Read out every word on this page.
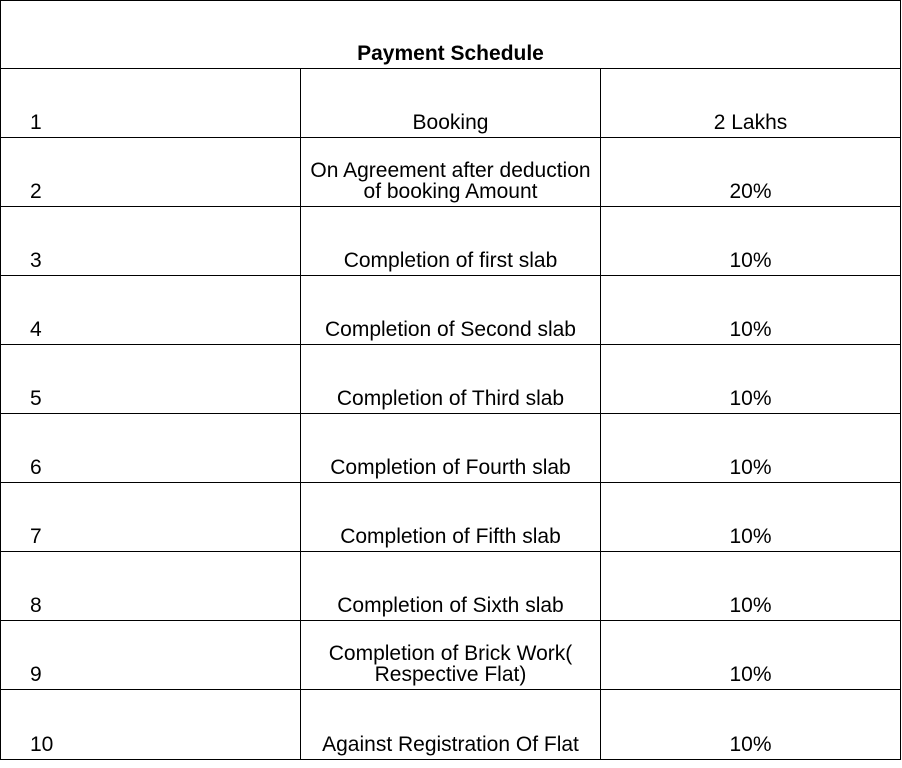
Payment Schedule		
1	Booking	2 Lakhs
2	On Agreement after deduction of booking Amount	20%
3	Completion of first slab	10%
4	Completion of Second slab	10%
5	Completion of Third slab	10%
6	Completion of Fourth slab	10%
7	Completion of Fifth slab	10%
8	Completion of Sixth slab	10%
9	Completion of Brick Work( Respective Flat)	10%
10	Against Registration Of Flat	10%
